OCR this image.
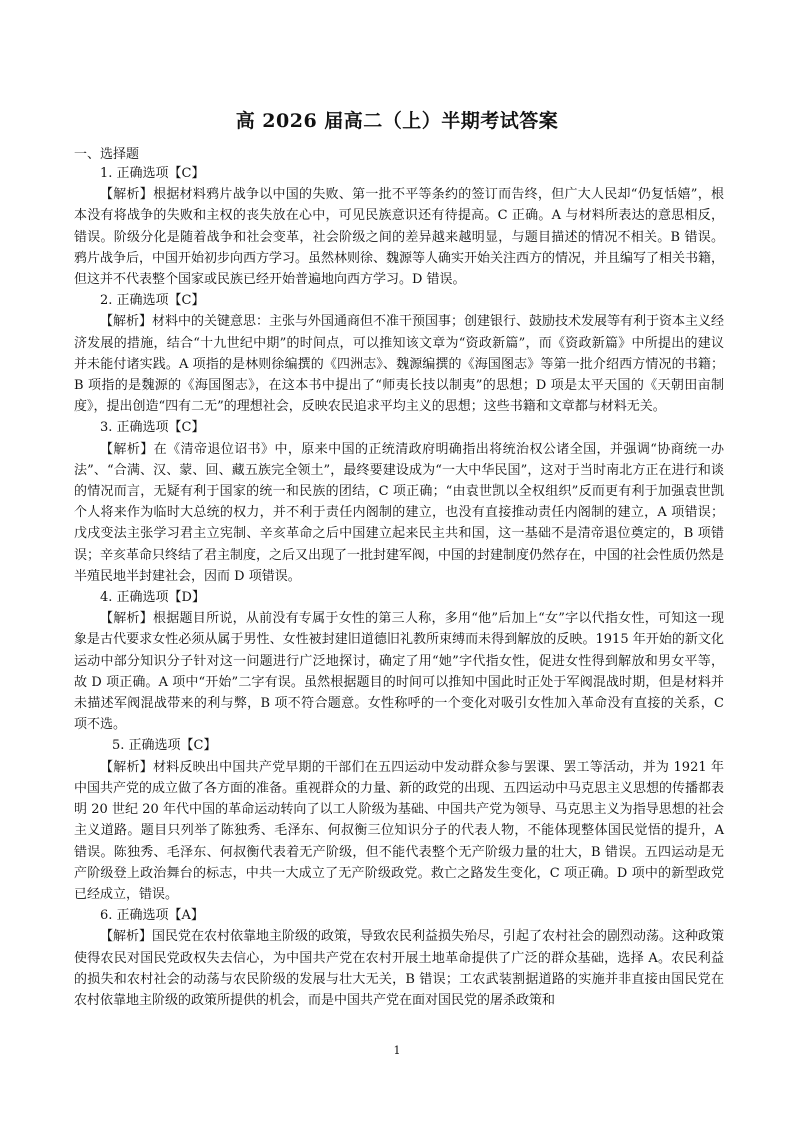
高 2026 届高二（上）半期考试答案
一、选择题

1. 正确选项【C】

【解析】根据材料鸦片战争以中国的失败、第一批不平等条约的签订而告终，但广大人民却“仍复恬嬉”，根本没有将战争的失败和主权的丧失放在心中，可见民族意识还有待提高。C 正确。A 与材料所表达的意思相反，错误。阶级分化是随着战争和社会变革，社会阶级之间的差异越来越明显，与题目描述的情况不相关。B 错误。鸦片战争后，中国开始初步向西方学习。虽然林则徐、魏源等人确实开始关注西方的情况，并且编写了相关书籍，但这并不代表整个国家或民族已经开始普遍地向西方学习。D 错误。

2. 正确选项【C】

【解析】材料中的关键意思：主张与外国通商但不准干预国事；创建银行、鼓励技术发展等有利于资本主义经济发展的措施，结合“十九世纪中期”的时间点，可以推知该文章为“资政新篇”，而《资政新篇》中所提出的建议并未能付诸实践。A 项指的是林则徐编撰的《四洲志》、魏源编撰的《海国图志》等第一批介绍西方情况的书籍；B 项指的是魏源的《海国图志》，在这本书中提出了“师夷长技以制夷”的思想；D 项是太平天国的《天朝田亩制度》，提出创造“四有二无”的理想社会，反映农民追求平均主义的思想；这些书籍和文章都与材料无关。

3. 正确选项【C】

【解析】在《清帝退位诏书》中，原来中国的正统清政府明确指出将统治权公诸全国，并强调“协商统一办法”、“合满、汉、蒙、回、藏五族完全领土”，最终要建设成为“一大中华民国”，这对于当时南北方正在进行和谈的情况而言，无疑有利于国家的统一和民族的团结，C 项正确；“由袁世凯以全权组织”反而更有利于加强袁世凯个人将来作为临时大总统的权力，并不利于责任内阁制的建立，也没有直接推动责任内阁制的建立，A 项错误；戊戌变法主张学习君主立宪制、辛亥革命之后中国建立起来民主共和国，这一基础不是清帝退位奠定的，B 项错误；辛亥革命只终结了君主制度，之后又出现了一批封建军阀，中国的封建制度仍然存在，中国的社会性质仍然是半殖民地半封建社会，因而 D 项错误。

4. 正确选项【D】

【解析】根据题目所说，从前没有专属于女性的第三人称，多用“他”后加上“女”字以代指女性，可知这一现象是古代要求女性必须从属于男性、女性被封建旧道德旧礼教所束缚而未得到解放的反映。1915 年开始的新文化运动中部分知识分子针对这一问题进行广泛地探讨，确定了用“她”字代指女性，促进女性得到解放和男女平等，故 D 项正确。A 项中“开始”二字有误。虽然根据题目的时间可以推知中国此时正处于军阀混战时期，但是材料并未描述军阀混战带来的利与弊，B 项不符合题意。女性称呼的一个变化对吸引女性加入革命没有直接的关系，C 项不选。

5. 正确选项【C】

【解析】材料反映出中国共产党早期的干部们在五四运动中发动群众参与罢课、罢工等活动，并为 1921 年中国共产党的成立做了各方面的准备。重视群众的力量、新的政党的出现、五四运动中马克思主义思想的传播都表明 20 世纪 20 年代中国的革命运动转向了以工人阶级为基础、中国共产党为领导、马克思主义为指导思想的社会主义道路。题目只列举了陈独秀、毛泽东、何叔衡三位知识分子的代表人物，不能体现整体国民觉悟的提升，A 错误。陈独秀、毛泽东、何叔衡代表着无产阶级，但不能代表整个无产阶级力量的壮大，B 错误。五四运动是无产阶级登上政治舞台的标志，中共一大成立了无产阶级政党。救亡之路发生变化，C 项正确。D 项中的新型政党已经成立，错误。

6. 正确选项【A】

【解析】国民党在农村依靠地主阶级的政策，导致农民利益损失殆尽，引起了农村社会的剧烈动荡。这种政策使得农民对国民党政权失去信心，为中国共产党在农村开展土地革命提供了广泛的群众基础，选择 A。农民利益的损失和农村社会的动荡与农民阶级的发展与壮大无关，B 错误；工农武装割据道路的实施并非直接由国民党在农村依靠地主阶级的政策所提供的机会，而是中国共产党在面对国民党的屠杀政策和

1
